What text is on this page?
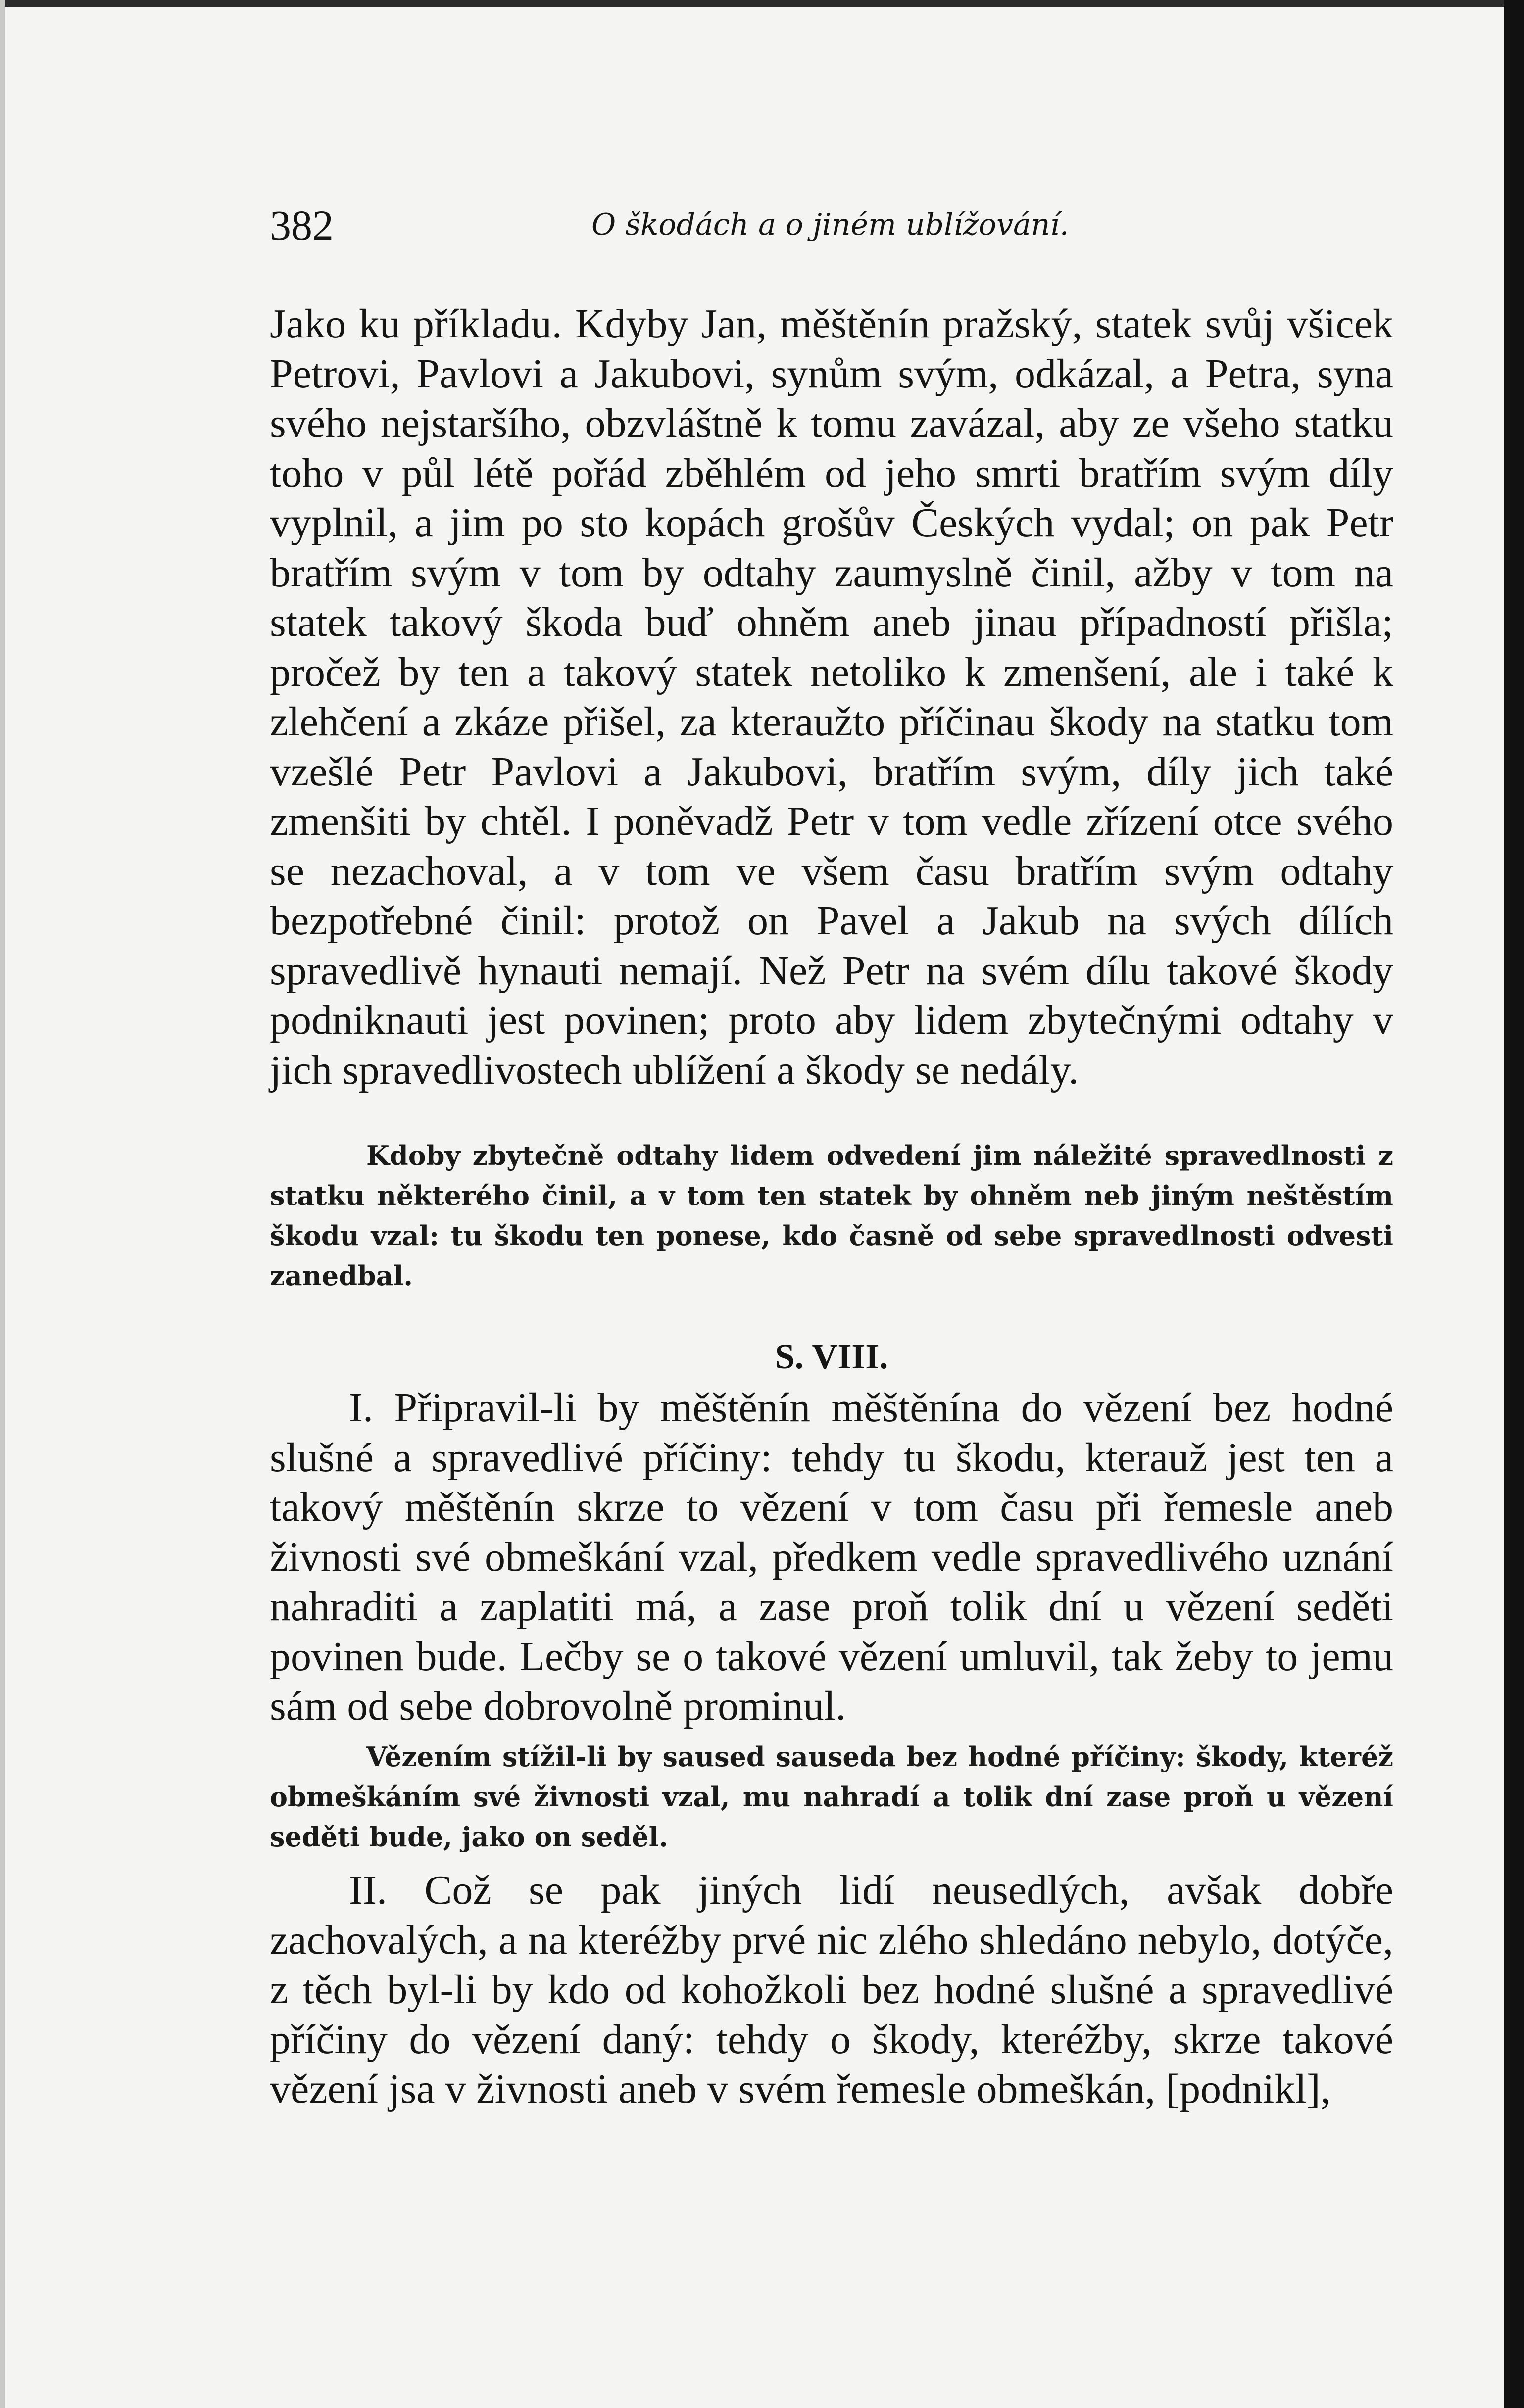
382	O škodách a o jiném ublížování.

Jako ku příkladu. Kdyby Jan, měštěnín pražský, statek svůj všicek Petrovi, Pavlovi a Jakubovi, synům svým, odkázal, a Petra, syna svého nejstaršího, obzvláštně k tomu zavázal, aby ze všeho statku toho v půl létě pořád zběhlém od jeho smrti bratřím svým díly vyplnil, a jim po sto kopách grošův Českých vydal; on pak Petr bratřím svým v tom by odtahy zaumyslně činil, ažby v tom na statek takový škoda buď ohněm aneb jinau případností přišla; pročež by ten a takový statek netoliko k zmenšení, ale i také k zlehčení a zkáze přišel, za kteraužto příčinau škody na statku tom vzešlé Petr Pavlovi a Jakubovi, bratřím svým, díly jich také zmenšiti by chtěl. I poněvadž Petr v tom vedle zřízení otce svého se nezachoval, a v tom ve všem času bratřím svým odtahy bezpotřebné činil: protož on Pavel a Jakub na svých dílích spravedlivě hynauti nemají. Než Petr na svém dílu takové škody podniknauti jest povinen; proto aby lidem zbytečnými odtahy v jich spravedlivostech ublížení a škody se nedály.

Kdoby zbytečně odtahy lidem odvedení jim náležité spravedlnosti z statku některého činil, a v tom ten statek by ohněm neb jiným neštěstím škodu vzal: tu škodu ten ponese, kdo časně od sebe spravedlnosti odvesti zanedbal.

S. VIII.

I. Připravil-li by měštěnín měštěnína do vězení bez hodné slušné a spravedlivé příčiny: tehdy tu škodu, kterauž jest ten a takový měštěnín skrze to vězení v tom času při řemesle aneb živnosti své obmeškání vzal, předkem vedle spravedlivého uznání nahraditi a zaplatiti má, a zase proň tolik dní u vězení seděti povinen bude. Lečby se o takové vězení umluvil, tak žeby to jemu sám od sebe dobrovolně prominul.

Vězením stížil-li by saused sauseda bez hodné příčiny: škody, kteréž obmeškáním své živnosti vzal, mu nahradí a tolik dní zase proň u vězení seděti bude, jako on seděl.

II. Což se pak jiných lidí neusedlých, avšak dobře zachovalých, a na kteréžby prvé nic zlého shledáno nebylo, dotýče, z těch byl-li by kdo od kohožkoli bez hodné slušné a spravedlivé příčiny do vězení daný: tehdy o škody, kteréžby, skrze takové vězení jsa v živnosti aneb v svém řemesle obmeškán, [podnikl],
